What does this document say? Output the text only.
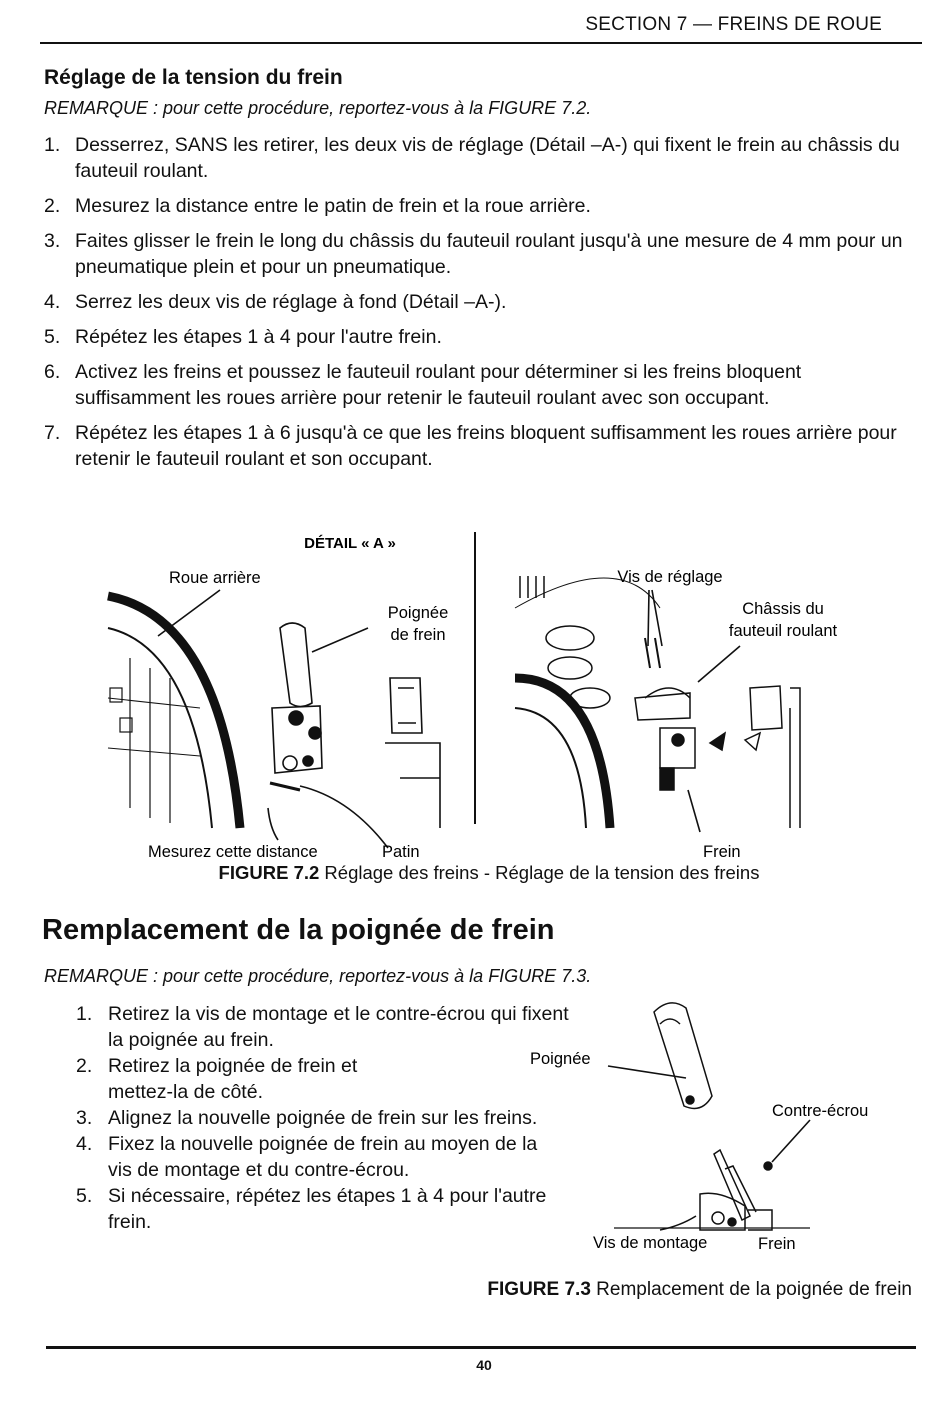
SECTION 7 — FREINS DE ROUE
Réglage de la tension du frein
REMARQUE : pour cette procédure, reportez-vous à la FIGURE 7.2.
1. Desserrez, SANS les retirer, les deux vis de réglage (Détail –A-) qui fixent le frein au châssis du fauteuil roulant.
2. Mesurez la distance entre le patin de frein et la roue arrière.
3. Faites glisser le frein le long du châssis du fauteuil roulant jusqu'à une mesure de 4 mm pour un pneumatique plein et pour un pneumatique.
4. Serrez les deux vis de réglage à fond (Détail –A-).
5. Répétez les étapes 1 à 4 pour l'autre frein.
6. Activez les freins et poussez le fauteuil roulant pour déterminer si les freins bloquent suffisamment les roues arrière pour retenir le fauteuil roulant avec son occupant.
7. Répétez les étapes 1 à 6 jusqu'à ce que les freins bloquent suffisamment les roues arrière pour retenir le fauteuil roulant et son occupant.
DÉTAIL « A »
Roue arrière
Poignée
de frein
Vis de réglage
Châssis du
fauteuil roulant
Mesurez cette distance	Patin	Frein
FIGURE 7.2 Réglage des freins - Réglage de la tension des freins
Remplacement de la poignée de frein
REMARQUE : pour cette procédure, reportez-vous à la FIGURE 7.3.
1. Retirez la vis de montage et le contre-écrou qui fixent la poignée au frein.
2. Retirez la poignée de frein et mettez-la de côté.
3. Alignez la nouvelle poignée de frein sur les freins.
4. Fixez la nouvelle poignée de frein au moyen de la vis de montage et du contre-écrou.
5. Si nécessaire, répétez les étapes 1 à 4 pour l'autre frein.
Poignée
Contre-écrou
Vis de montage	Frein
FIGURE 7.3 Remplacement de la poignée de frein
40
